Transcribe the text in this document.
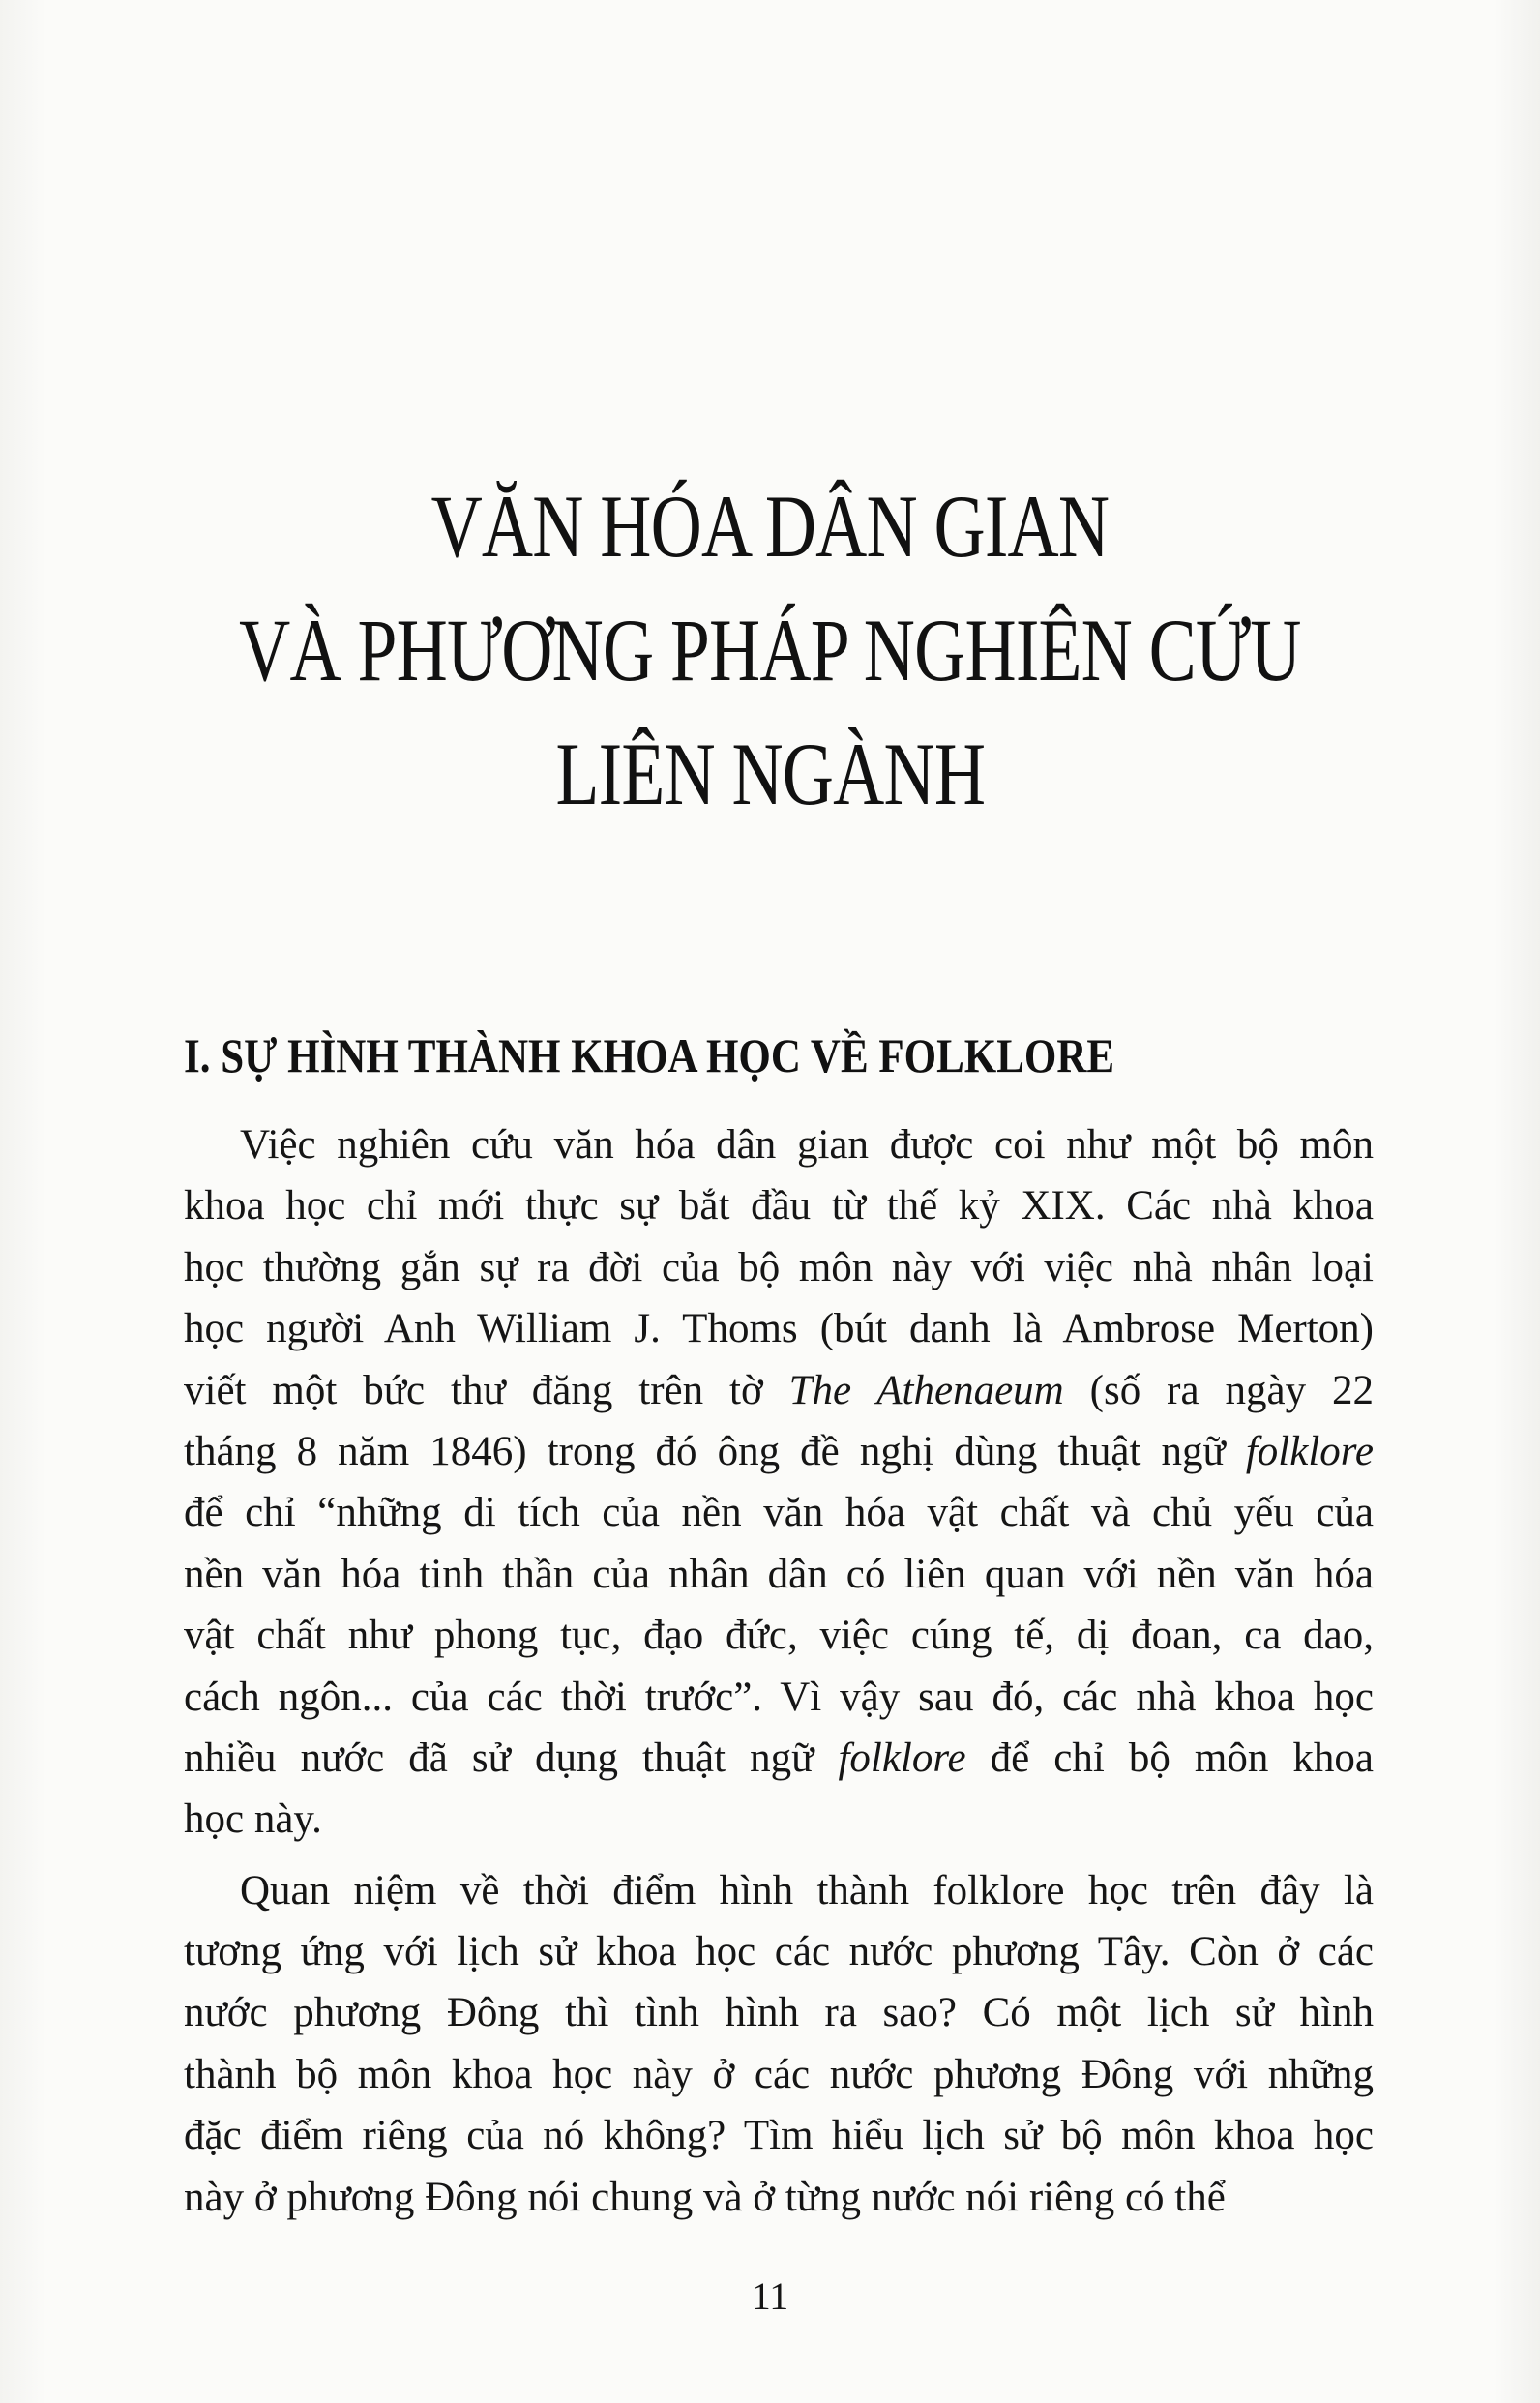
VĂN HÓA DÂN GIAN
VÀ PHƯƠNG PHÁP NGHIÊN CỨU
LIÊN NGÀNH
I. SỰ HÌNH THÀNH KHOA HỌC VỀ FOLKLORE
Việc nghiên cứu văn hóa dân gian được coi như một bộ môn
khoa học chỉ mới thực sự bắt đầu từ thế kỷ XIX. Các nhà khoa
học thường gắn sự ra đời của bộ môn này với việc nhà nhân loại
học người Anh William J. Thoms (bút danh là Ambrose Merton)
viết một bức thư đăng trên tờ The Athenaeum (số ra ngày 22
tháng 8 năm 1846) trong đó ông đề nghị dùng thuật ngữ folklore
để chỉ “những di tích của nền văn hóa vật chất và chủ yếu của
nền văn hóa tinh thần của nhân dân có liên quan với nền văn hóa
vật chất như phong tục, đạo đức, việc cúng tế, dị đoan, ca dao,
cách ngôn... của các thời trước”. Vì vậy sau đó, các nhà khoa học
nhiều nước đã sử dụng thuật ngữ folklore để chỉ bộ môn khoa
học này.
Quan niệm về thời điểm hình thành folklore học trên đây là
tương ứng với lịch sử khoa học các nước phương Tây. Còn ở các
nước phương Đông thì tình hình ra sao? Có một lịch sử hình
thành bộ môn khoa học này ở các nước phương Đông với những
đặc điểm riêng của nó không? Tìm hiểu lịch sử bộ môn khoa học
này ở phương Đông nói chung và ở từng nước nói riêng có thể
11
